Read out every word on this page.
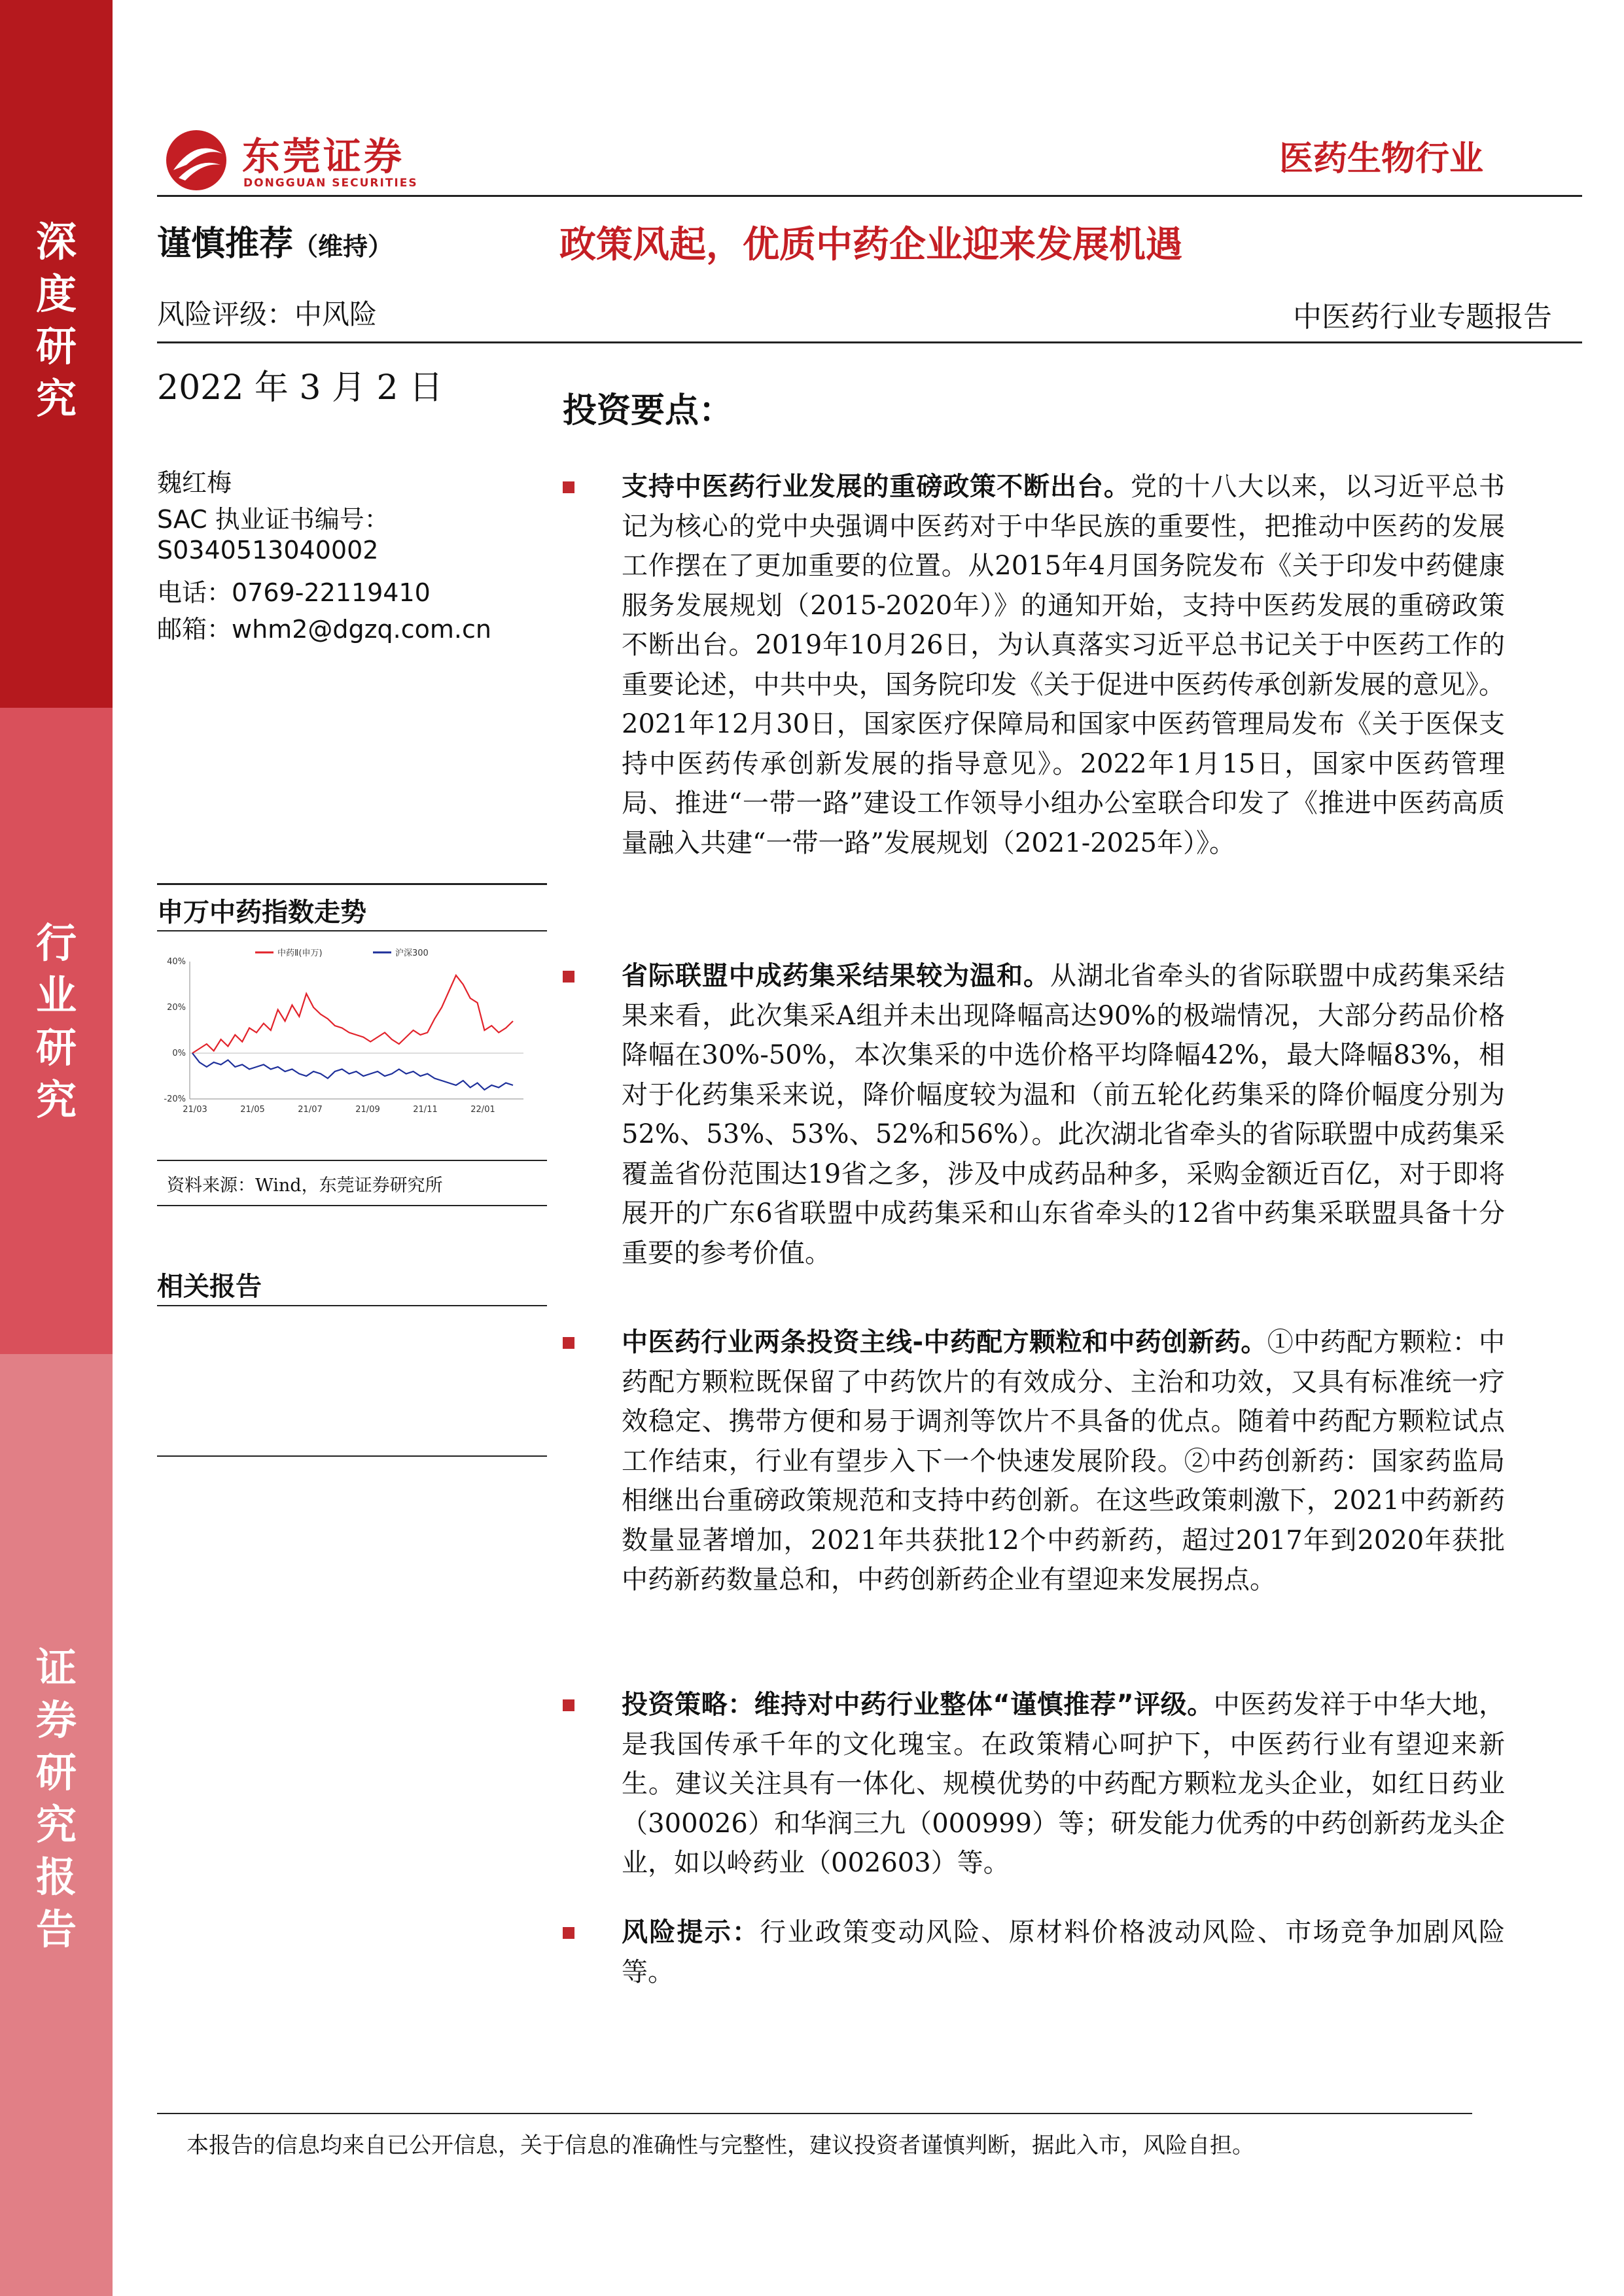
深
度
研
究
行
业
研
究
证
券
研
究
报
告
东莞证券
DONGGUAN SECURITIES
医药生物行业
谨慎推荐（维持）	政策风起，优质中药企业迎来发展机遇
风险评级：中风险	中医药行业专题报告
2022 年 3 月 2 日
魏红梅
SAC 执业证书编号：
S0340513040002
电话：0769-22119410
邮箱：whm2@dgzq.com.cn
申万中药指数走势
40%
20%
0%
-20%
21/03	21/05	21/07	21/09	21/11	22/01
中药Ⅱ(申万)	沪深300
资料来源：Wind，东莞证券研究所
相关报告
投资要点：
支持中医药行业发展的重磅政策不断出台。党的十八大以来，以习近平总书记为核心的党中央强调中医药对于中华民族的重要性，把推动中医药的发展工作摆在了更加重要的位置。从2015年4月国务院发布《关于印发中药健康服务发展规划（2015-2020年）》的通知开始，支持中医药发展的重磅政策不断出台。2019年10月26日，为认真落实习近平总书记关于中医药工作的重要论述，中共中央，国务院印发《关于促进中医药传承创新发展的意见》。2021年12月30日，国家医疗保障局和国家中医药管理局发布《关于医保支持中医药传承创新发展的指导意见》。2022年1月15日，国家中医药管理局、推进“一带一路”建设工作领导小组办公室联合印发了《推进中医药高质量融入共建“一带一路”发展规划（2021-2025年）》。
省际联盟中成药集采结果较为温和。从湖北省牵头的省际联盟中成药集采结果来看，此次集采A组并未出现降幅高达90%的极端情况，大部分药品价格降幅在30%-50%，本次集采的中选价格平均降幅42%，最大降幅83%，相对于化药集采来说，降价幅度较为温和（前五轮化药集采的降价幅度分别为52%、53%、53%、52%和56%）。此次湖北省牵头的省际联盟中成药集采覆盖省份范围达19省之多，涉及中成药品种多，采购金额近百亿，对于即将展开的广东6省联盟中成药集采和山东省牵头的12省中药集采联盟具备十分重要的参考价值。
中医药行业两条投资主线-中药配方颗粒和中药创新药。①中药配方颗粒：中药配方颗粒既保留了中药饮片的有效成分、主治和功效，又具有标准统一疗效稳定、携带方便和易于调剂等饮片不具备的优点。随着中药配方颗粒试点工作结束，行业有望步入下一个快速发展阶段。②中药创新药：国家药监局相继出台重磅政策规范和支持中药创新。在这些政策刺激下，2021中药新药数量显著增加，2021年共获批12个中药新药，超过2017年到2020年获批中药新药数量总和，中药创新药企业有望迎来发展拐点。
投资策略：维持对中药行业整体“谨慎推荐”评级。中医药发祥于中华大地，是我国传承千年的文化瑰宝。在政策精心呵护下，中医药行业有望迎来新生。建议关注具有一体化、规模优势的中药配方颗粒龙头企业，如红日药业（300026）和华润三九（000999）等；研发能力优秀的中药创新药龙头企业，如以岭药业（002603）等。
风险提示：行业政策变动风险、原材料价格波动风险、市场竞争加剧风险等。
本报告的信息均来自已公开信息，关于信息的准确性与完整性，建议投资者谨慎判断，据此入市，风险自担。
